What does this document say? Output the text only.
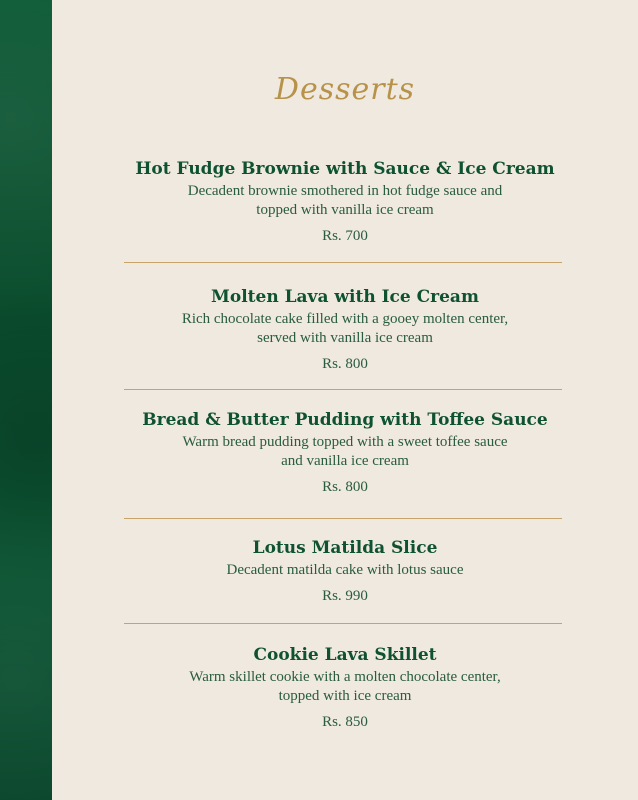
Desserts
Hot Fudge Brownie with Sauce & Ice Cream
Decadent brownie smothered in hot fudge sauce and
topped with vanilla ice cream
Rs. 700
Molten Lava with Ice Cream
Rich chocolate cake filled with a gooey molten center,
served with vanilla ice cream
Rs. 800
Bread & Butter Pudding with Toffee Sauce
Warm bread pudding topped with a sweet toffee sauce
and vanilla ice cream
Rs. 800
Lotus Matilda Slice
Decadent matilda cake with lotus sauce
Rs. 990
Cookie Lava Skillet
Warm skillet cookie with a molten chocolate center,
topped with ice cream
Rs. 850
